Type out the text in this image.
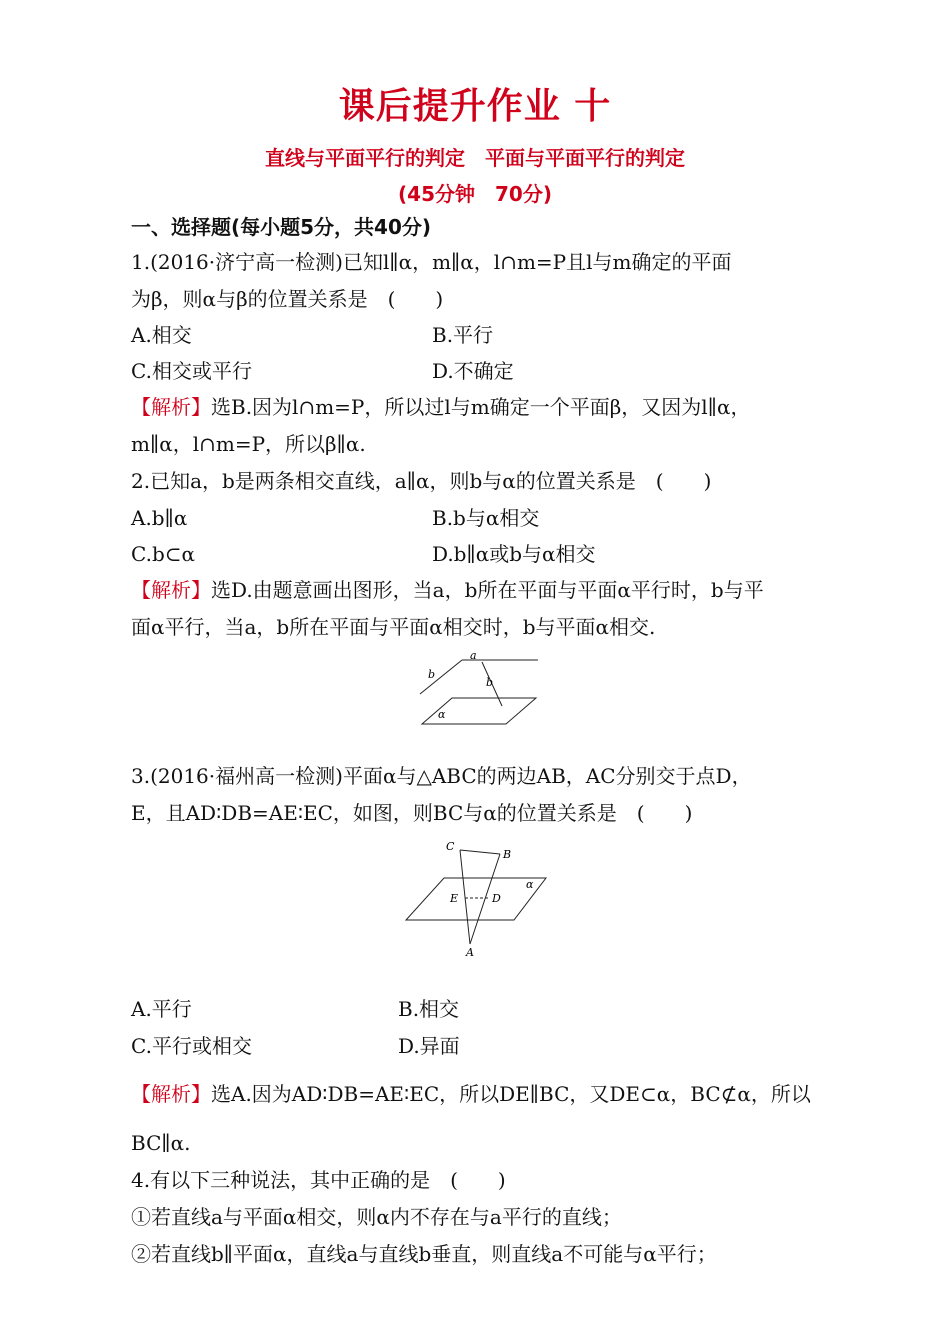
课后提升作业 十
直线与平面平行的判定　平面与平面平行的判定
(45分钟　70分)
一、选择题(每小题5分，共40分)
1.(2016·济宁高一检测)已知l∥α，m∥α，l∩m=P且l与m确定的平面
为β，则α与β的位置关系是　(　　)
A.相交	B.平行
C.相交或平行	D.不确定
【解析】选B.因为l∩m=P，所以过l与m确定一个平面β，又因为l∥α，
m∥α，l∩m=P，所以β∥α.
2.已知a，b是两条相交直线，a∥α，则b与α的位置关系是　(　　)
A.b∥α	B.b与α相交
C.b⊂α	D.b∥α或b与α相交
【解析】选D.由题意画出图形，当a，b所在平面与平面α平行时，b与平
面α平行，当a，b所在平面与平面α相交时，b与平面α相交.
a
b
b
α
3.(2016·福州高一检测)平面α与△ABC的两边AB，AC分别交于点D，
E，且AD∶DB=AE∶EC，如图，则BC与α的位置关系是　(　　)
C
B
E	D
A
α
A.平行	B.相交
C.平行或相交	D.异面
【解析】选A.因为AD∶DB=AE∶EC，所以DE∥BC，又DE⊂α，BC⊄α，所以
BC∥α.
4.有以下三种说法，其中正确的是　(　　)
①若直线a与平面α相交，则α内不存在与a平行的直线；
②若直线b∥平面α，直线a与直线b垂直，则直线a不可能与α平行；
